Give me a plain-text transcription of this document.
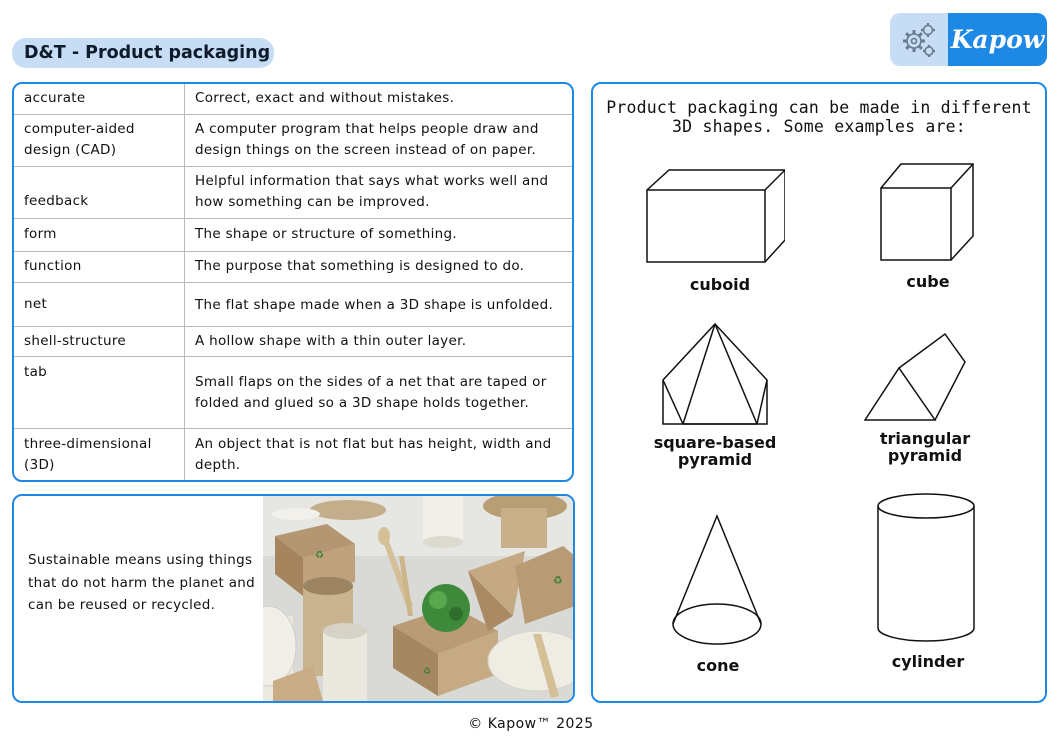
D&T - Product packaging	Kapow
accurate	Correct, exact and without mistakes.
computer-aided design (CAD)	A computer program that helps people draw and design things on the screen instead of on paper.
feedback	Helpful information that says what works well and how something can be improved.
form	The shape or structure of something.
function	The purpose that something is designed to do.
net	The flat shape made when a 3D shape is unfolded.
shell-structure	A hollow shape with a thin outer layer.
tab	Small flaps on the sides of a net that are taped or folded and glued so a 3D shape holds together.
three-dimensional (3D)	An object that is not flat but has height, width and depth.
Sustainable means using things that do not harm the planet and can be reused or recycled.
♻
♻
♻
Product packaging can be made in different 3D shapes. Some examples are:
cuboid	cube
square-based pyramid
triangular pyramid
cone	cylinder
© Kapow™ 2025
